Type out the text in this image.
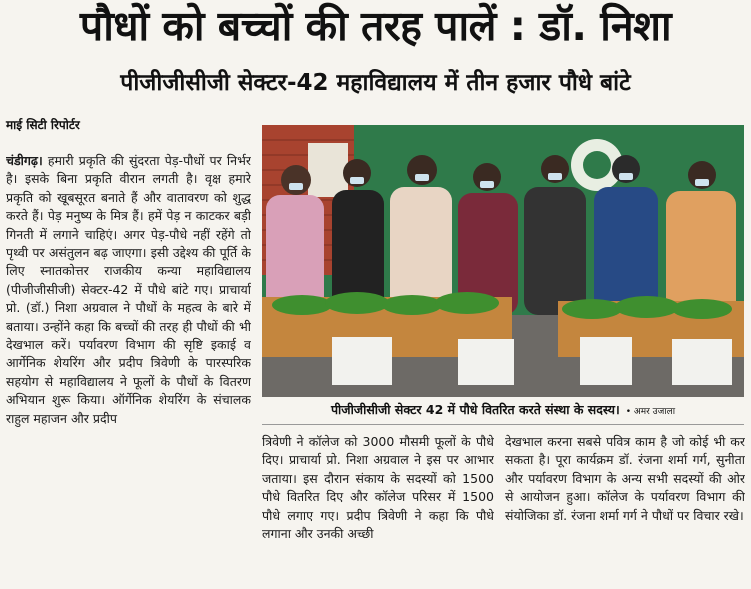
पौधों को बच्चों की तरह पालें : डॉ. निशा
पीजीजीसीजी सेक्टर-42 महाविद्यालय में तीन हजार पौधे बांटे
माई सिटी रिपोर्टर

चंडीगढ़। हमारी प्रकृति की सुंदरता पेड़-पौधों पर निर्भर है। इसके बिना प्रकृति वीरान लगती है। वृक्ष हमारे प्रकृति को खूबसूरत बनाते हैं और वातावरण को शुद्ध करते हैं। पेड़ मनुष्य के मित्र हैं। हमें पेड़ न काटकर बड़ी गिनती में लगाने चाहिएं। अगर पेड़-पौधे नहीं रहेंगे तो पृथ्वी पर असंतुलन बढ़ जाएगा। इसी उद्देश्य की पूर्ति के लिए स्नातकोत्तर राजकीय कन्या महाविद्यालय (पीजीजीसीजी) सेक्टर-42 में पौधे बांटे गए। प्राचार्या प्रो. (डॉ.) निशा अग्रवाल ने पौधों के महत्व के बारे में बताया। उन्होंने कहा कि बच्चों की तरह ही पौधों की भी देखभाल करें। पर्यावरण विभाग की सृष्टि इकाई व आर्गेनिक शेयरिंग और प्रदीप त्रिवेणी के पारस्परिक सहयोग से महाविद्यालय ने फूलों के पौधों के वितरण अभियान शुरू किया। ऑर्गेनिक शेयरिंग के संचालक राहुल महाजन और प्रदीप

पीजीजीसीजी सेक्टर 42 में पौधे वितरित करते संस्था के सदस्य। • अमर उजाला

त्रिवेणी ने कॉलेज को 3000 मौसमी फूलों के पौधे दिए। प्राचार्या प्रो. निशा अग्रवाल ने इस पर आभार जताया। इस दौरान संकाय के सदस्यों को 1500 पौधे वितरित दिए और कॉलेज परिसर में 1500 पौधे लगाए गए। प्रदीप त्रिवेणी ने कहा कि पौधे लगाना और उनकी अच्छी

देखभाल करना सबसे पवित्र काम है जो कोई भी कर सकता है। पूरा कार्यक्रम डॉ. रंजना शर्मा गर्ग, सुनीता और पर्यावरण विभाग के अन्य सभी सदस्यों की ओर से आयोजन हुआ। कॉलेज के पर्यावरण विभाग की संयोजिका डॉ. रंजना शर्मा गर्ग ने पौधों पर विचार रखे।
